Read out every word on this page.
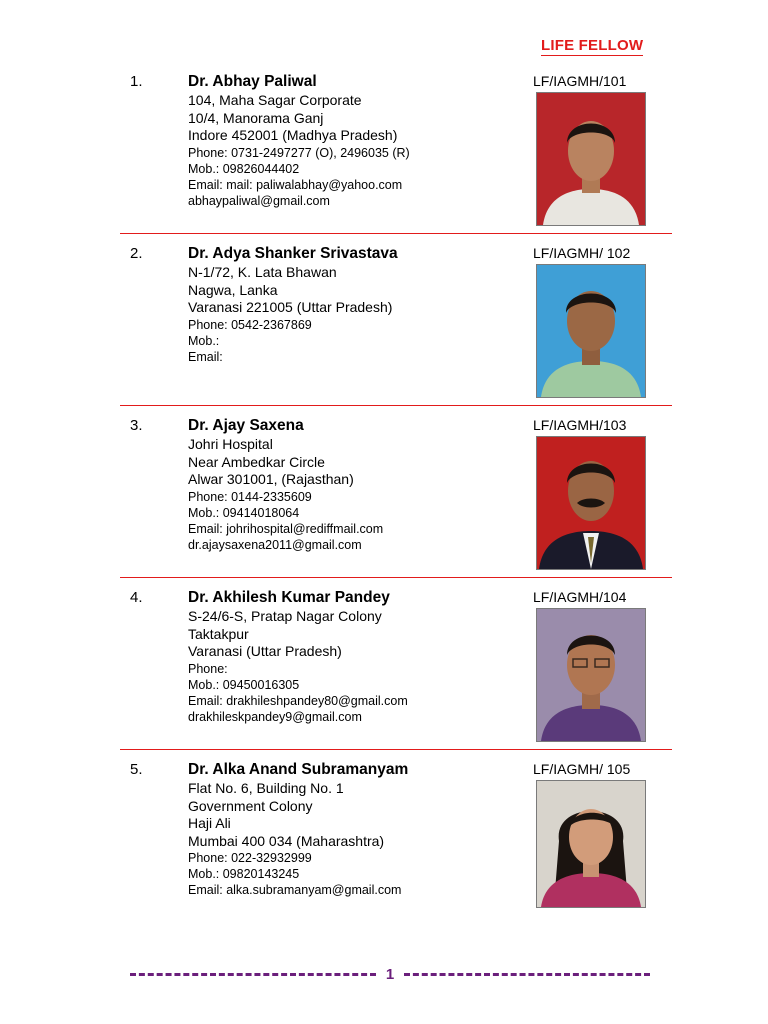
LIFE FELLOW
1.	Dr. Abhay Paliwal
104, Maha Sagar Corporate
10/4, Manorama Ganj
Indore 452001 (Madhya Pradesh)
Phone: 0731-2497277 (O), 2496035 (R)
Mob.: 09826044402
Email: mail: paliwalabhay@yahoo.com
abhaypaliwal@gmail.com
LF/IAGMH/101
2.	Dr. Adya Shanker Srivastava
N-1/72, K. Lata Bhawan
Nagwa, Lanka
Varanasi 221005 (Uttar Pradesh)
Phone: 0542-2367869
Mob.:
Email:
LF/IAGMH/ 102
3.	Dr. Ajay Saxena
Johri Hospital
Near Ambedkar Circle
Alwar 301001, (Rajasthan)
Phone: 0144-2335609
Mob.: 09414018064
Email: johrihospital@rediffmail.com
dr.ajaysaxena2011@gmail.com
LF/IAGMH/103
4.	Dr. Akhilesh Kumar Pandey
S-24/6-S, Pratap Nagar Colony
Taktakpur
Varanasi (Uttar Pradesh)
Phone:
Mob.: 09450016305
Email: drakhileshpandey80@gmail.com
drakhileskpandey9@gmail.com
LF/IAGMH/104
5.	Dr. Alka Anand Subramanyam
Flat No. 6, Building No. 1
Government Colony
Haji Ali
Mumbai 400 034 (Maharashtra)
Phone: 022-32932999
Mob.: 09820143245
Email: alka.subramanyam@gmail.com
LF/IAGMH/ 105
1
